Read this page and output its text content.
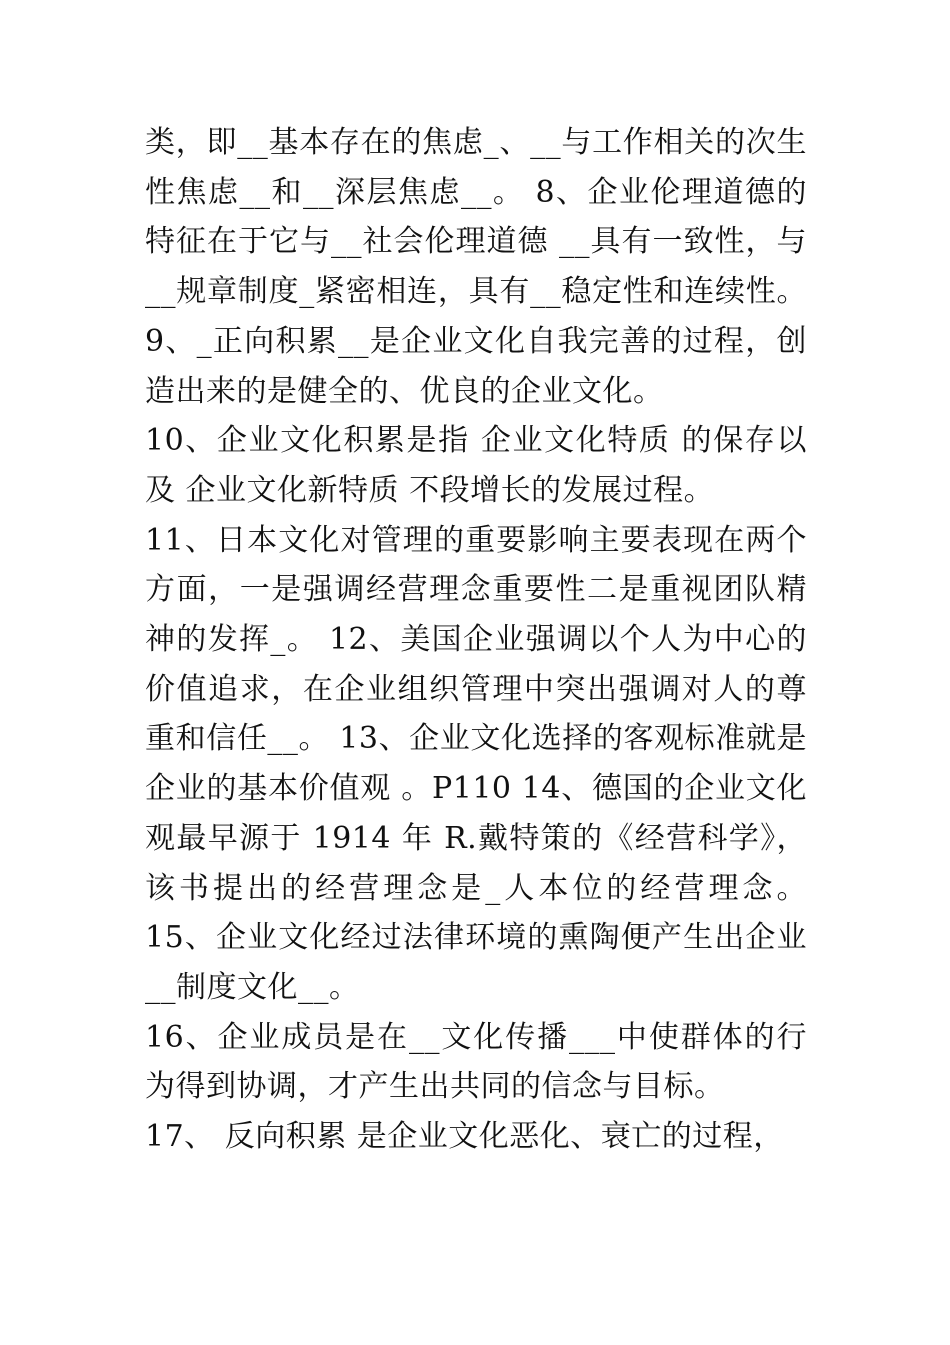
类，即__基本存在的焦虑_、__与工作相关的次生性焦虑__和__深层焦虑__。 8、企业伦理道德的特征在于它与__社会伦理道德 __具有一致性，与__规章制度_紧密相连，具有__稳定性和连续性。 9、_正向积累__是企业文化自我完善的过程，创造出来的是健全的、优良的企业文化。

10、企业文化积累是指 企业文化特质 的保存以及 企业文化新特质 不段增长的发展过程。

11、日本文化对管理的重要影响主要表现在两个方面，一是强调经营理念重要性二是重视团队精神的发挥_。 12、美国企业强调以个人为中心的价值追求，在企业组织管理中突出强调对人的尊重和信任__。 13、企业文化选择的客观标准就是 企业的基本价值观 。P110 14、德国的企业文化观最早源于 1914 年 R.戴特策的《经营科学》，该书提出的经营理念是_人本位的经营理念。 15、企业文化经过法律环境的熏陶便产生出企业__制度文化__。

16、企业成员是在__文化传播___中使群体的行为得到协调，才产生出共同的信念与目标。

17、 反向积累 是企业文化恶化、衰亡的过程，
